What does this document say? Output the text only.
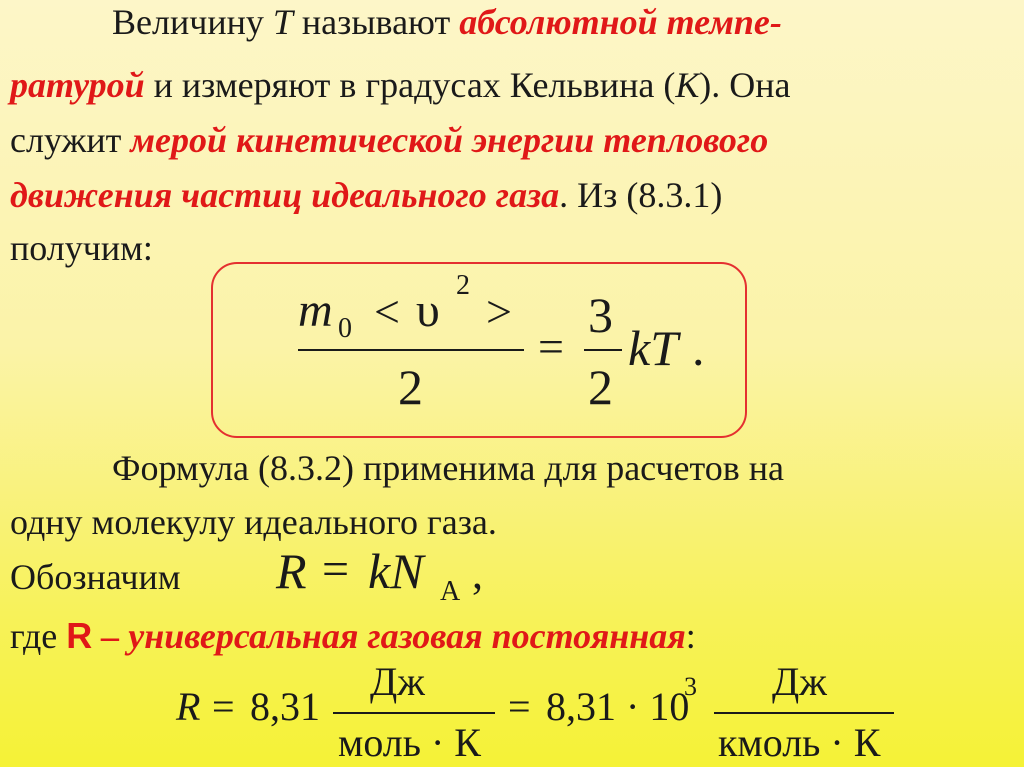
Величину T называют абсолютной темпе-
ратурой и измеряют в градусах Кельвина (К). Она
служит мерой кинетической энергии теплового
движения частиц идеального газа. Из (8.3.1)
получим:
m 0 < υ 2
>
2
=
3
2
kT .
Формула (8.3.2) применима для расчетов на
одну молекулу идеального газа.
Обозначим R = kN A ,
где R – универсальная газовая постоянная:
R = 8,31
Дж
моль · К
= 8,31 · 10
3 Дж
кмоль · К
